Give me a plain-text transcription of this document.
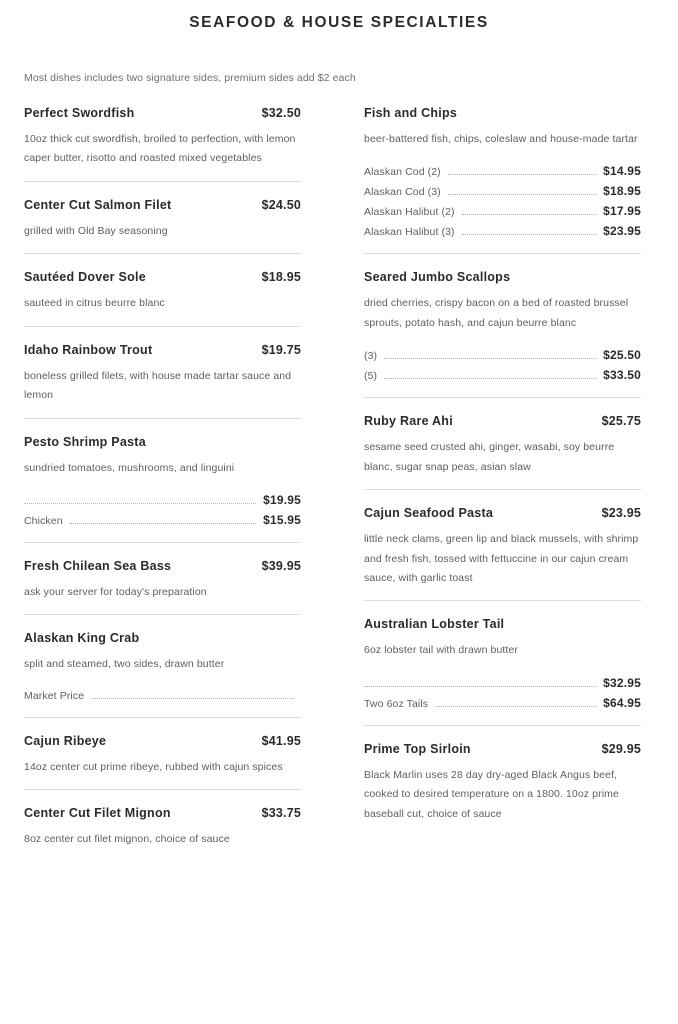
SEAFOOD & HOUSE SPECIALTIES

Most dishes includes two signature sides, premium sides add $2 each

Perfect Swordfish	$32.50
10oz thick cut swordfish, broiled to perfection, with lemon caper butter, risotto and roasted mixed vegetables
Center Cut Salmon Filet	$24.50
grilled with Old Bay seasoning
Sautéed Dover Sole	$18.95
sauteed in citrus beurre blanc
Idaho Rainbow Trout	$19.75
boneless grilled filets, with house made tartar sauce and lemon
Pesto Shrimp Pasta
sundried tomatoes, mushrooms, and linguini
$19.95
Chicken	$15.95
Fresh Chilean Sea Bass	$39.95
ask your server for today's preparation
Alaskan King Crab
split and steamed, two sides, drawn butter
Market Price
Cajun Ribeye	$41.95
14oz center cut prime ribeye, rubbed with cajun spices
Center Cut Filet Mignon	$33.75
8oz center cut filet mignon, choice of sauce
Fish and Chips
beer-battered fish, chips, coleslaw and house-made tartar
Alaskan Cod (2)	$14.95
Alaskan Cod (3)	$18.95
Alaskan Halibut (2)	$17.95
Alaskan Halibut (3)	$23.95
Seared Jumbo Scallops
dried cherries, crispy bacon on a bed of roasted brussel sprouts, potato hash, and cajun beurre blanc
(3)	$25.50
(5)	$33.50
Ruby Rare Ahi	$25.75
sesame seed crusted ahi, ginger, wasabi, soy beurre blanc, sugar snap peas, asian slaw
Cajun Seafood Pasta	$23.95
little neck clams, green lip and black mussels, with shrimp and fresh fish, tossed with fettuccine in our cajun cream sauce, with garlic toast
Australian Lobster Tail
6oz lobster tail with drawn butter
$32.95
Two 6oz Tails	$64.95
Prime Top Sirloin	$29.95
Black Marlin uses 28 day dry-aged Black Angus beef, cooked to desired temperature on a 1800. 10oz prime baseball cut, choice of sauce
